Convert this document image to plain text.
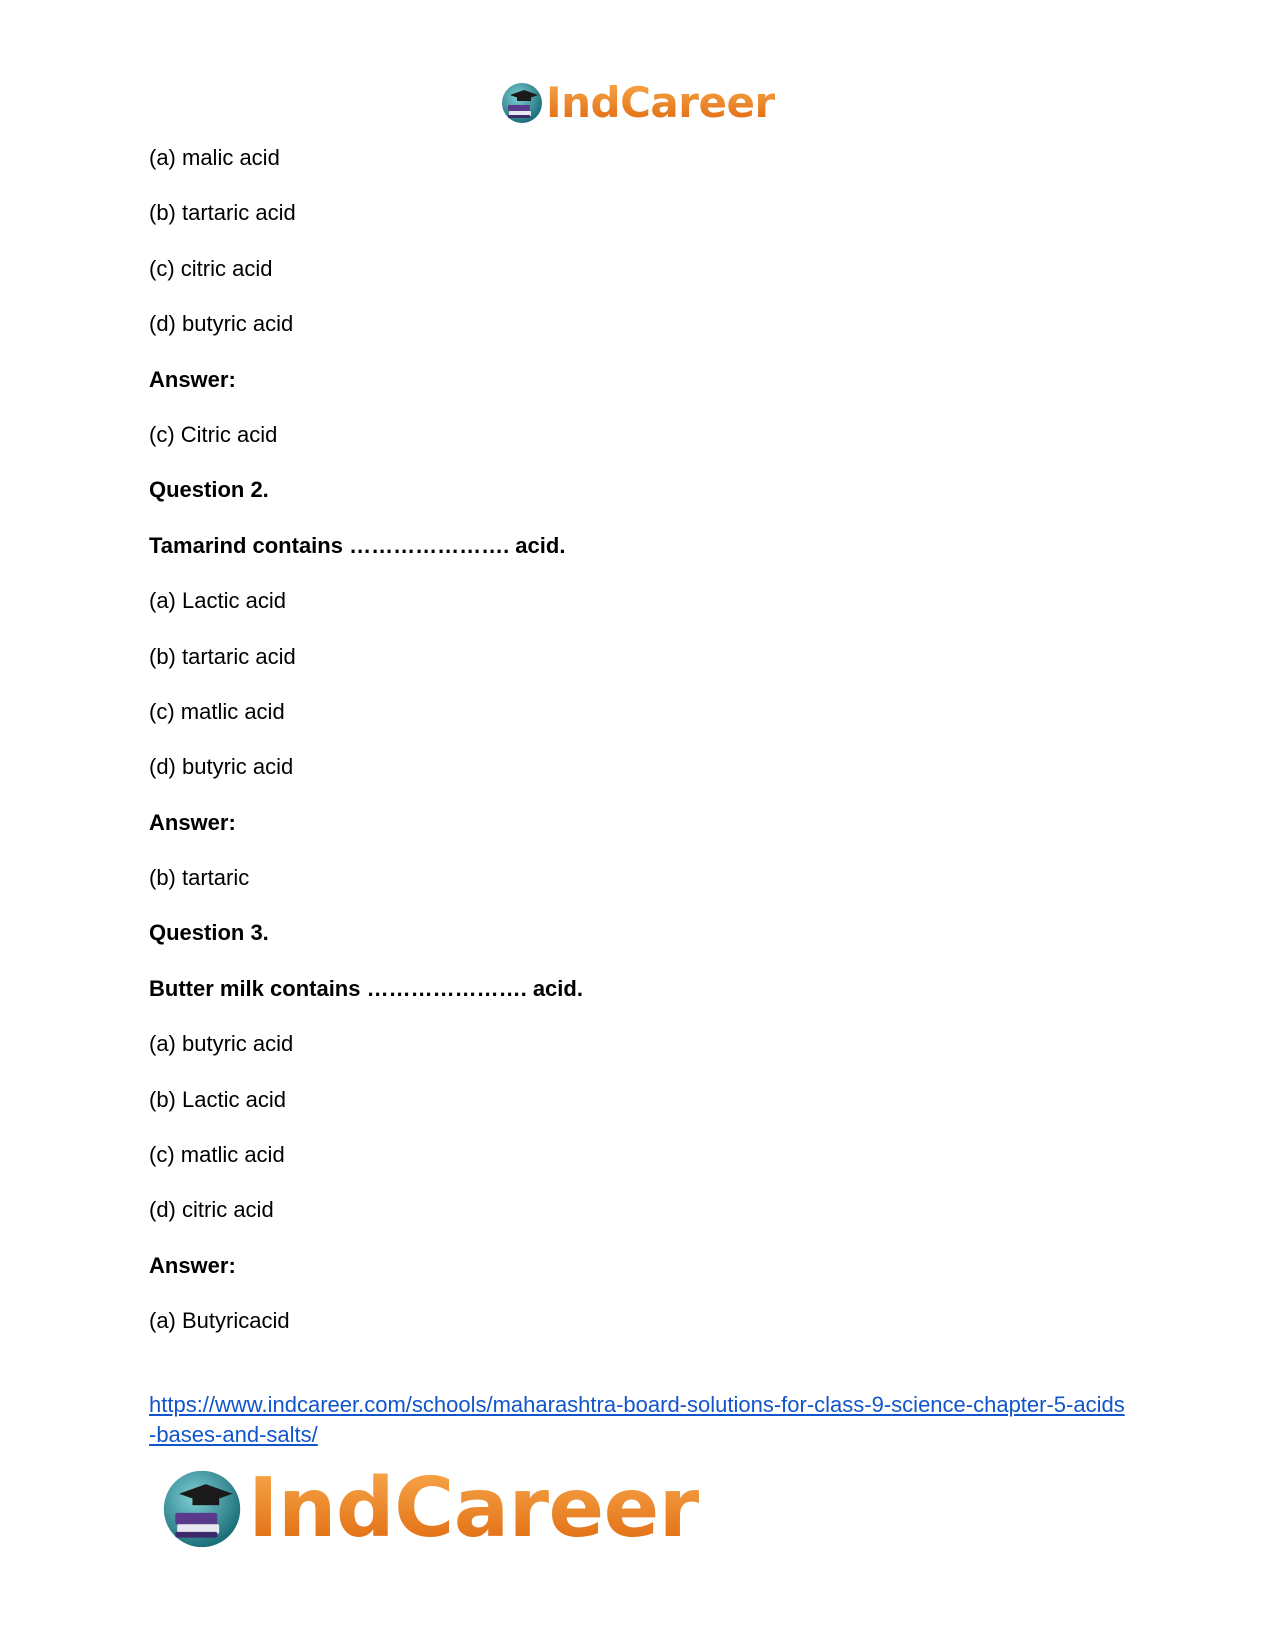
IndCareer
(a) malic acid
(b) tartaric acid
(c) citric acid
(d) butyric acid
Answer:
(c) Citric acid
Question 2.
Tamarind contains …………………. acid.
(a) Lactic acid
(b) tartaric acid
(c) matlic acid
(d) butyric acid
Answer:
(b) tartaric
Question 3.
Butter milk contains …………………. acid.
(a) butyric acid
(b) Lactic acid
(c) matlic acid
(d) citric acid
Answer:
(a) Butyricacid
https://www.indcareer.com/schools/maharashtra-board-solutions-for-class-9-science-chapter-5-acids-bases-and-salts/
IndCareer
